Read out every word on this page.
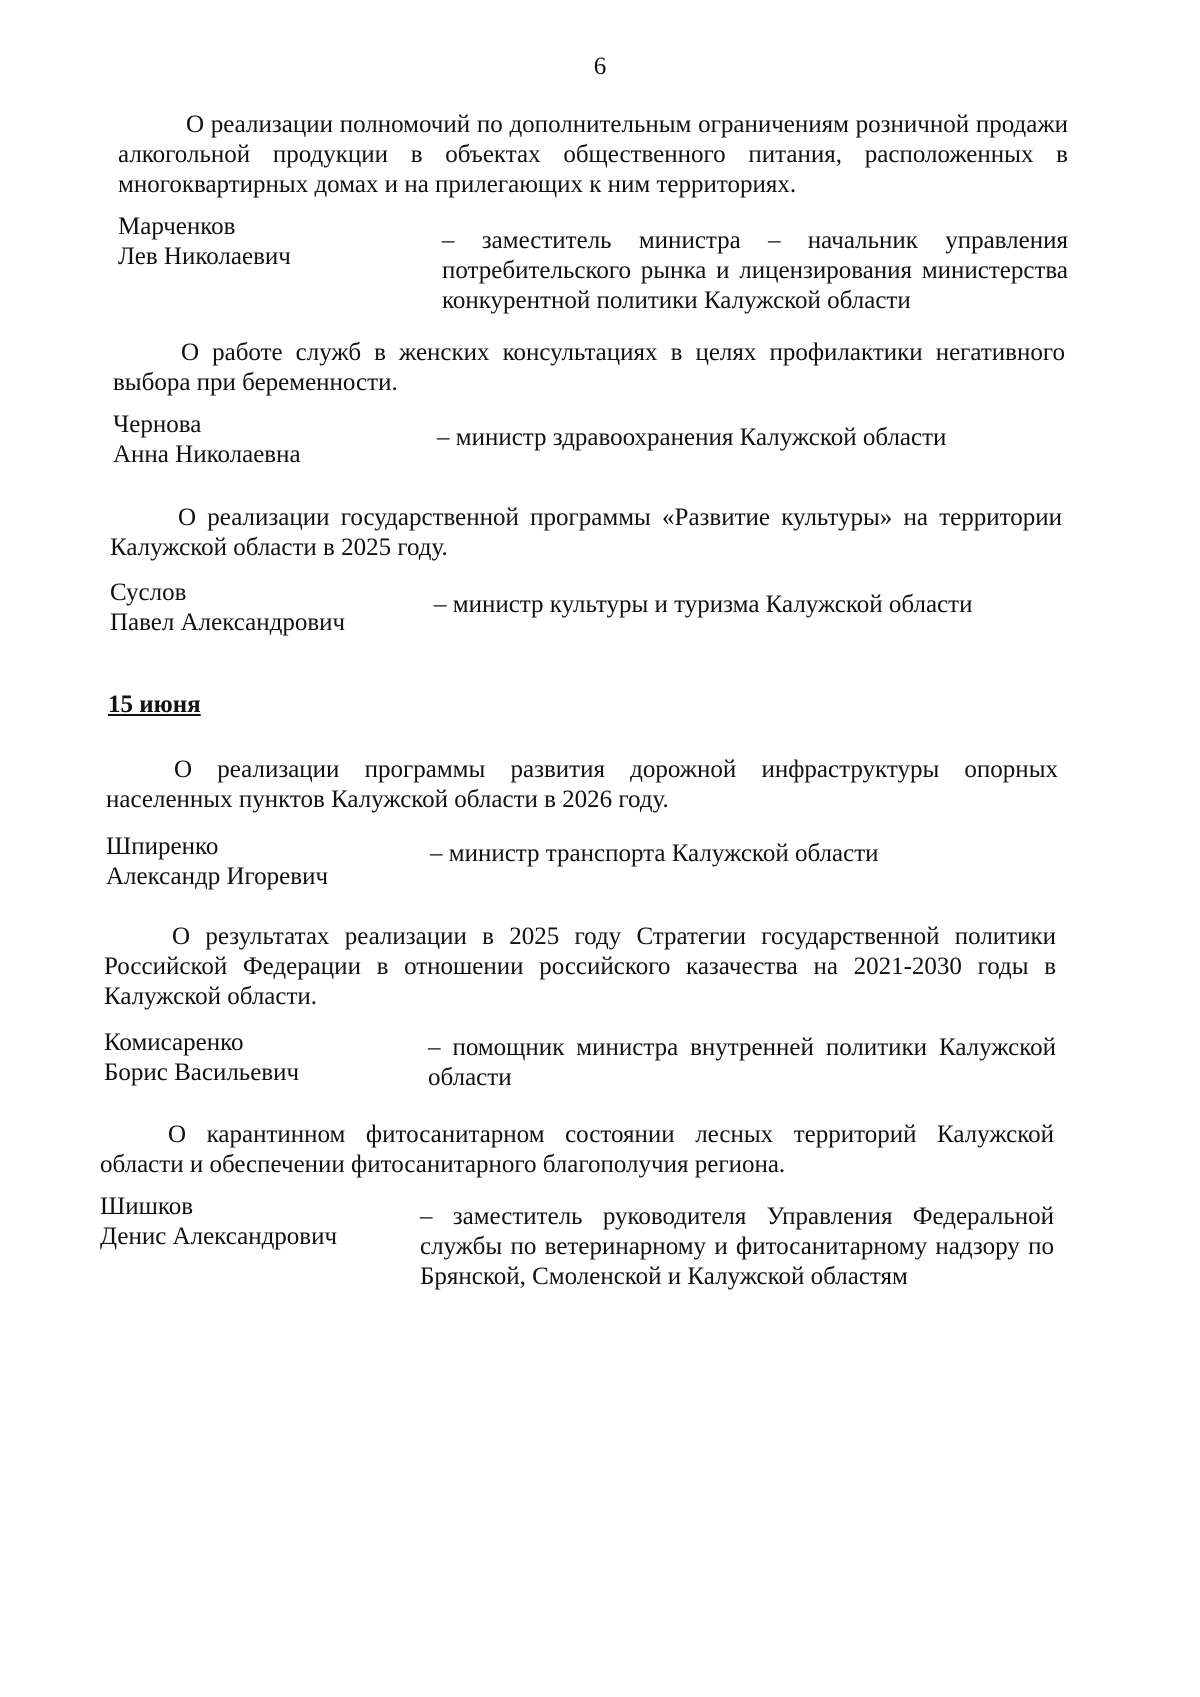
6

О реализации полномочий по дополнительным ограничениям розничной продажи алкогольной продукции в объектах общественного питания, расположенных в многоквартирных домах и на прилегающих к ним территориях.

Марченков
Лев Николаевич
– заместитель министра – начальник управления потребительского рынка и лицензирования министерства конкурентной политики Калужской области

О работе служб в женских консультациях в целях профилактики негативного выбора при беременности.

Чернова
Анна Николаевна
– министр здравоохранения Калужской области

О реализации государственной программы «Развитие культуры» на территории Калужской области в 2025 году.

Суслов
Павел Александрович
– министр культуры и туризма Калужской области
15 июня

О реализации программы развития дорожной инфраструктуры опорных населенных пунктов Калужской области в 2026 году.

Шпиренко
Александр Игоревич
– министр транспорта Калужской области

О результатах реализации в 2025 году Стратегии государственной политики Российской Федерации в отношении российского казачества на 2021-2030 годы в Калужской области.

Комисаренко
Борис Васильевич
– помощник министра внутренней политики Калужской области

О карантинном фитосанитарном состоянии лесных территорий Калужской области и обеспечении фитосанитарного благополучия региона.

Шишков
Денис Александрович
– заместитель руководителя Управления Федеральной службы по ветеринарному и фитосанитарному надзору по Брянской, Смоленской и Калужской областям
